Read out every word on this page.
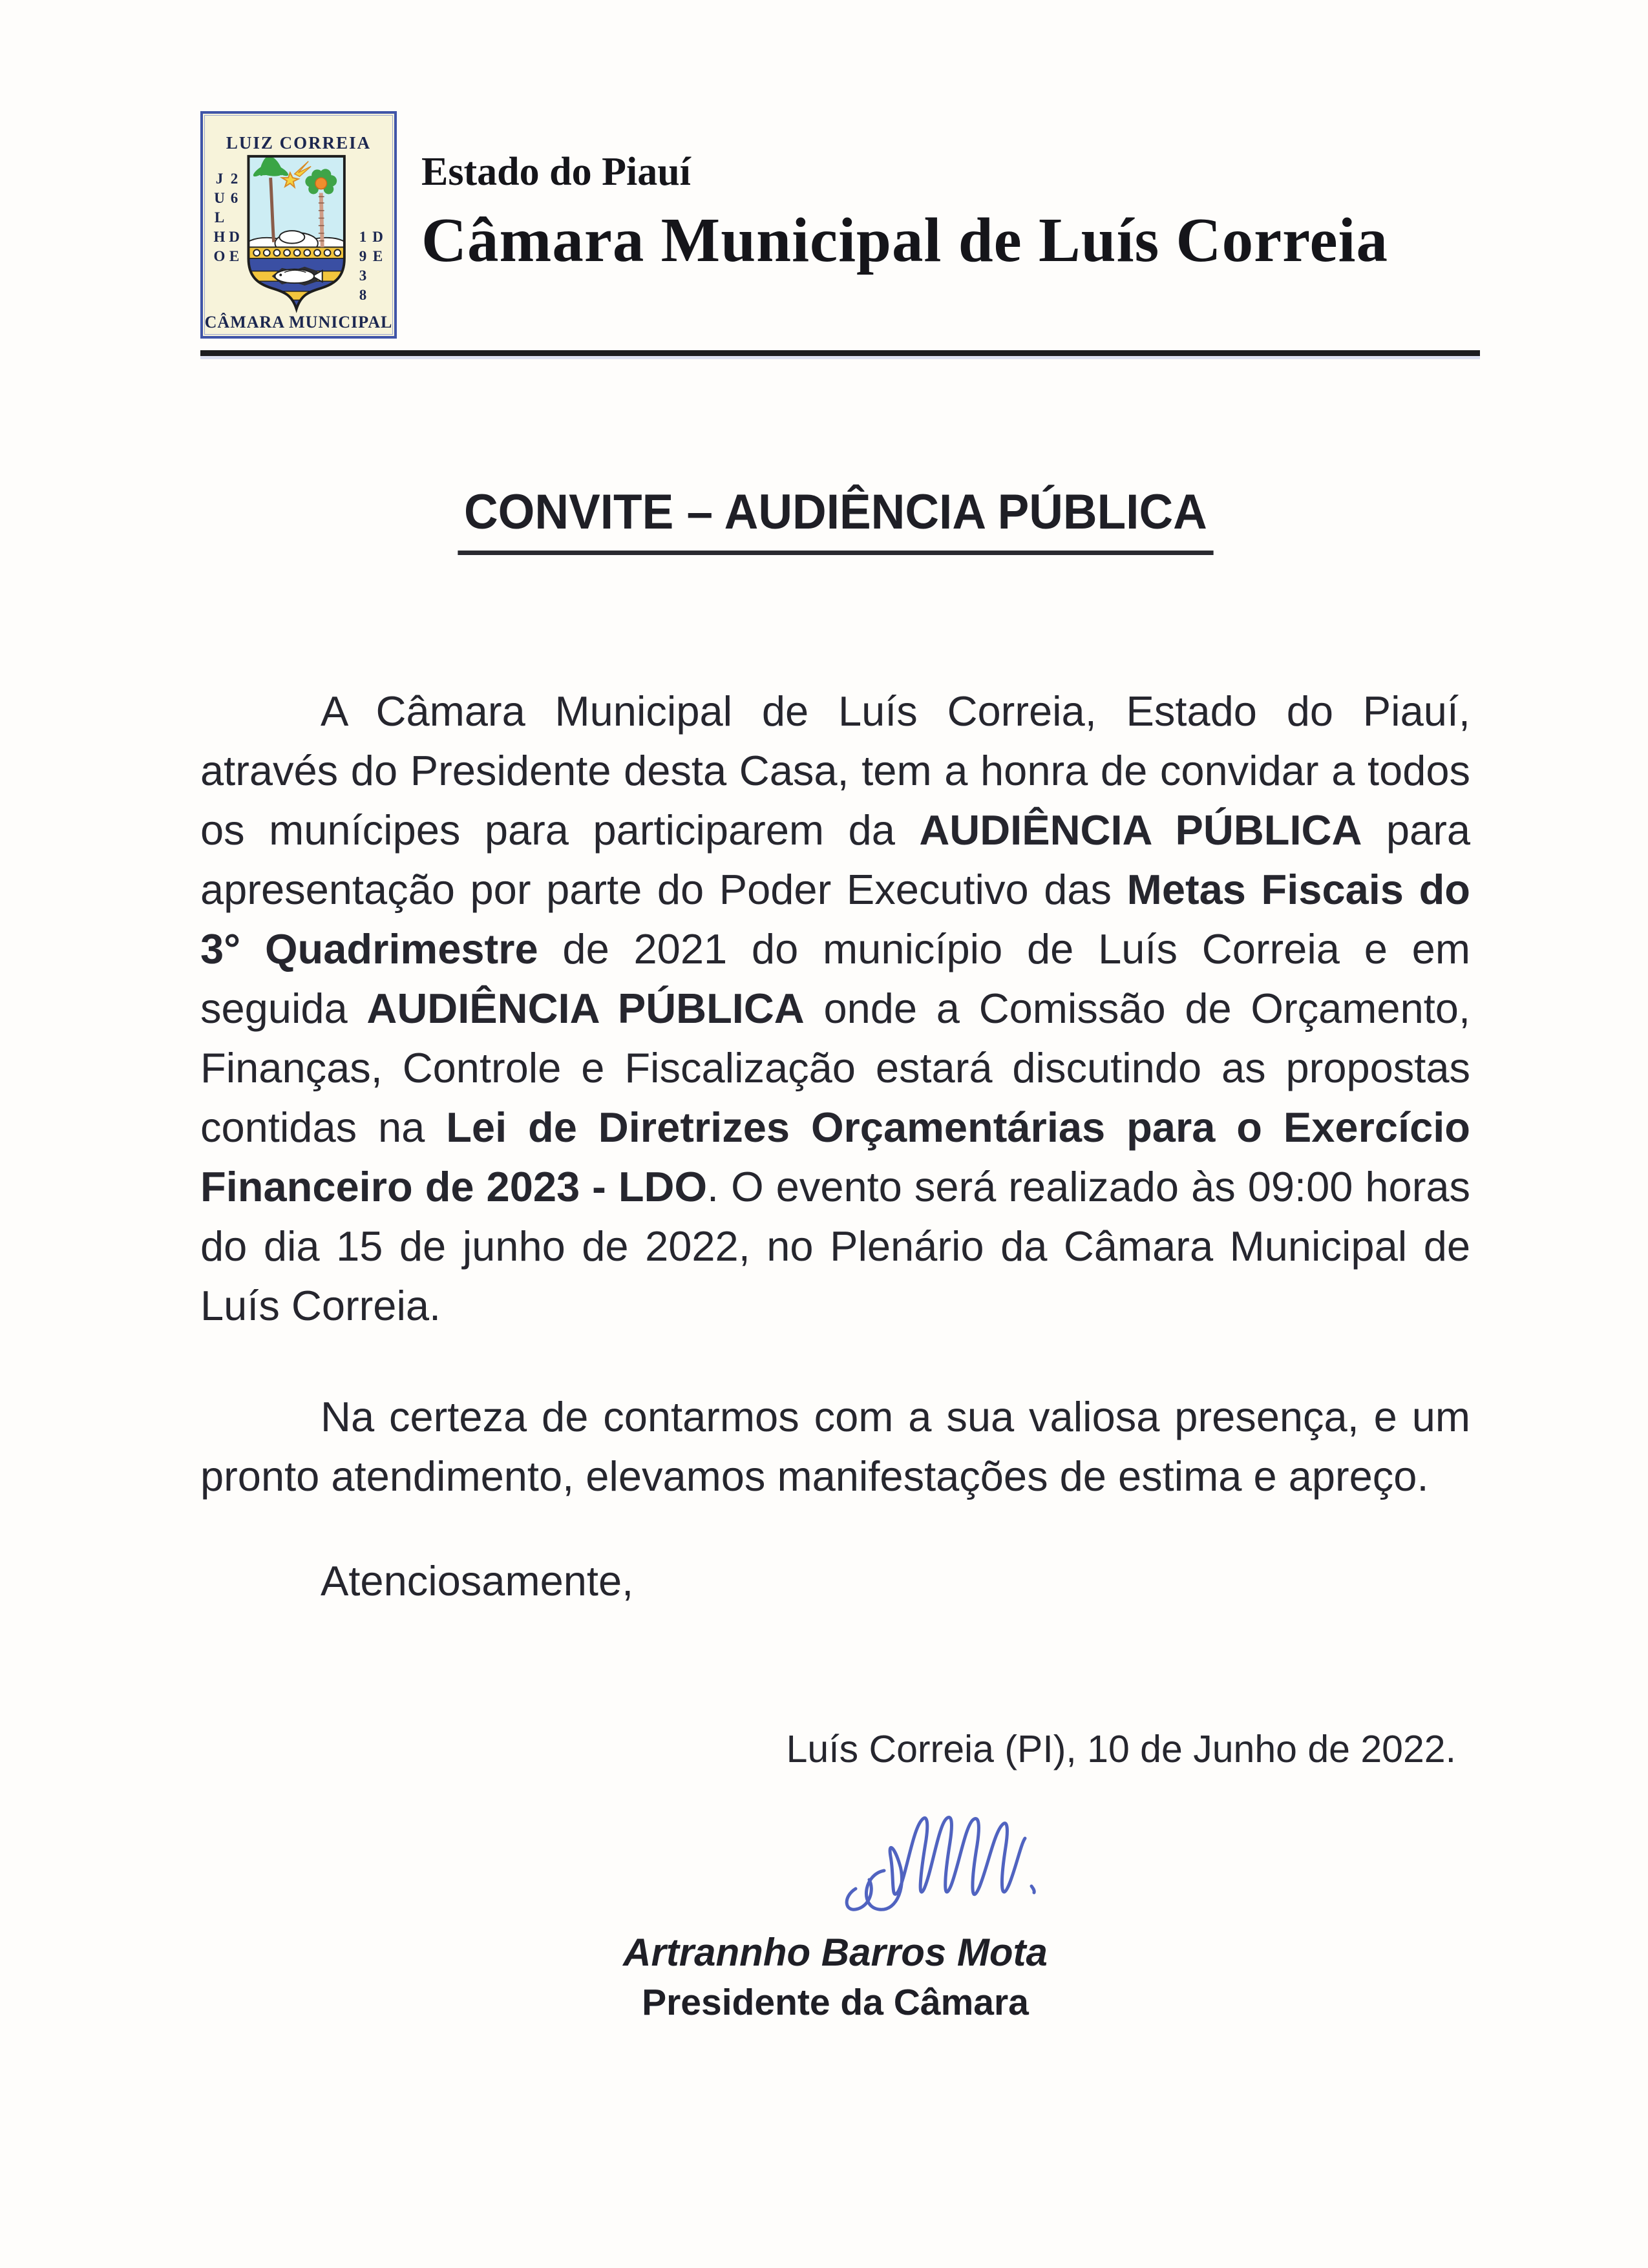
LUIZ CORREIA
26 DE JULHO	DE 1938
CÂMARA MUNICIPAL
Estado do Piauí
Câmara Municipal de Luís Correia
CONVITE – AUDIÊNCIA PÚBLICA

A Câmara Municipal de Luís Correia, Estado do Piauí, através do Presidente desta Casa, tem a honra de convidar a todos os munícipes para participarem da AUDIÊNCIA PÚBLICA para apresentação por parte do Poder Executivo das Metas Fiscais do 3° Quadrimestre de 2021 do município de Luís Correia e em seguida AUDIÊNCIA PÚBLICA onde a Comissão de Orçamento, Finanças, Controle e Fiscalização estará discutindo as propostas contidas na Lei de Diretrizes Orçamentárias para o Exercício Financeiro de 2023 - LDO. O evento será realizado às 09:00 horas do dia 15 de junho de 2022, no Plenário da Câmara Municipal de Luís Correia.

Na certeza de contarmos com a sua valiosa presença, e um pronto atendimento, elevamos manifestações de estima e apreço.

Atenciosamente,

Luís Correia (PI), 10 de Junho de 2022.
Artrannho Barros Mota
Presidente da Câmara
